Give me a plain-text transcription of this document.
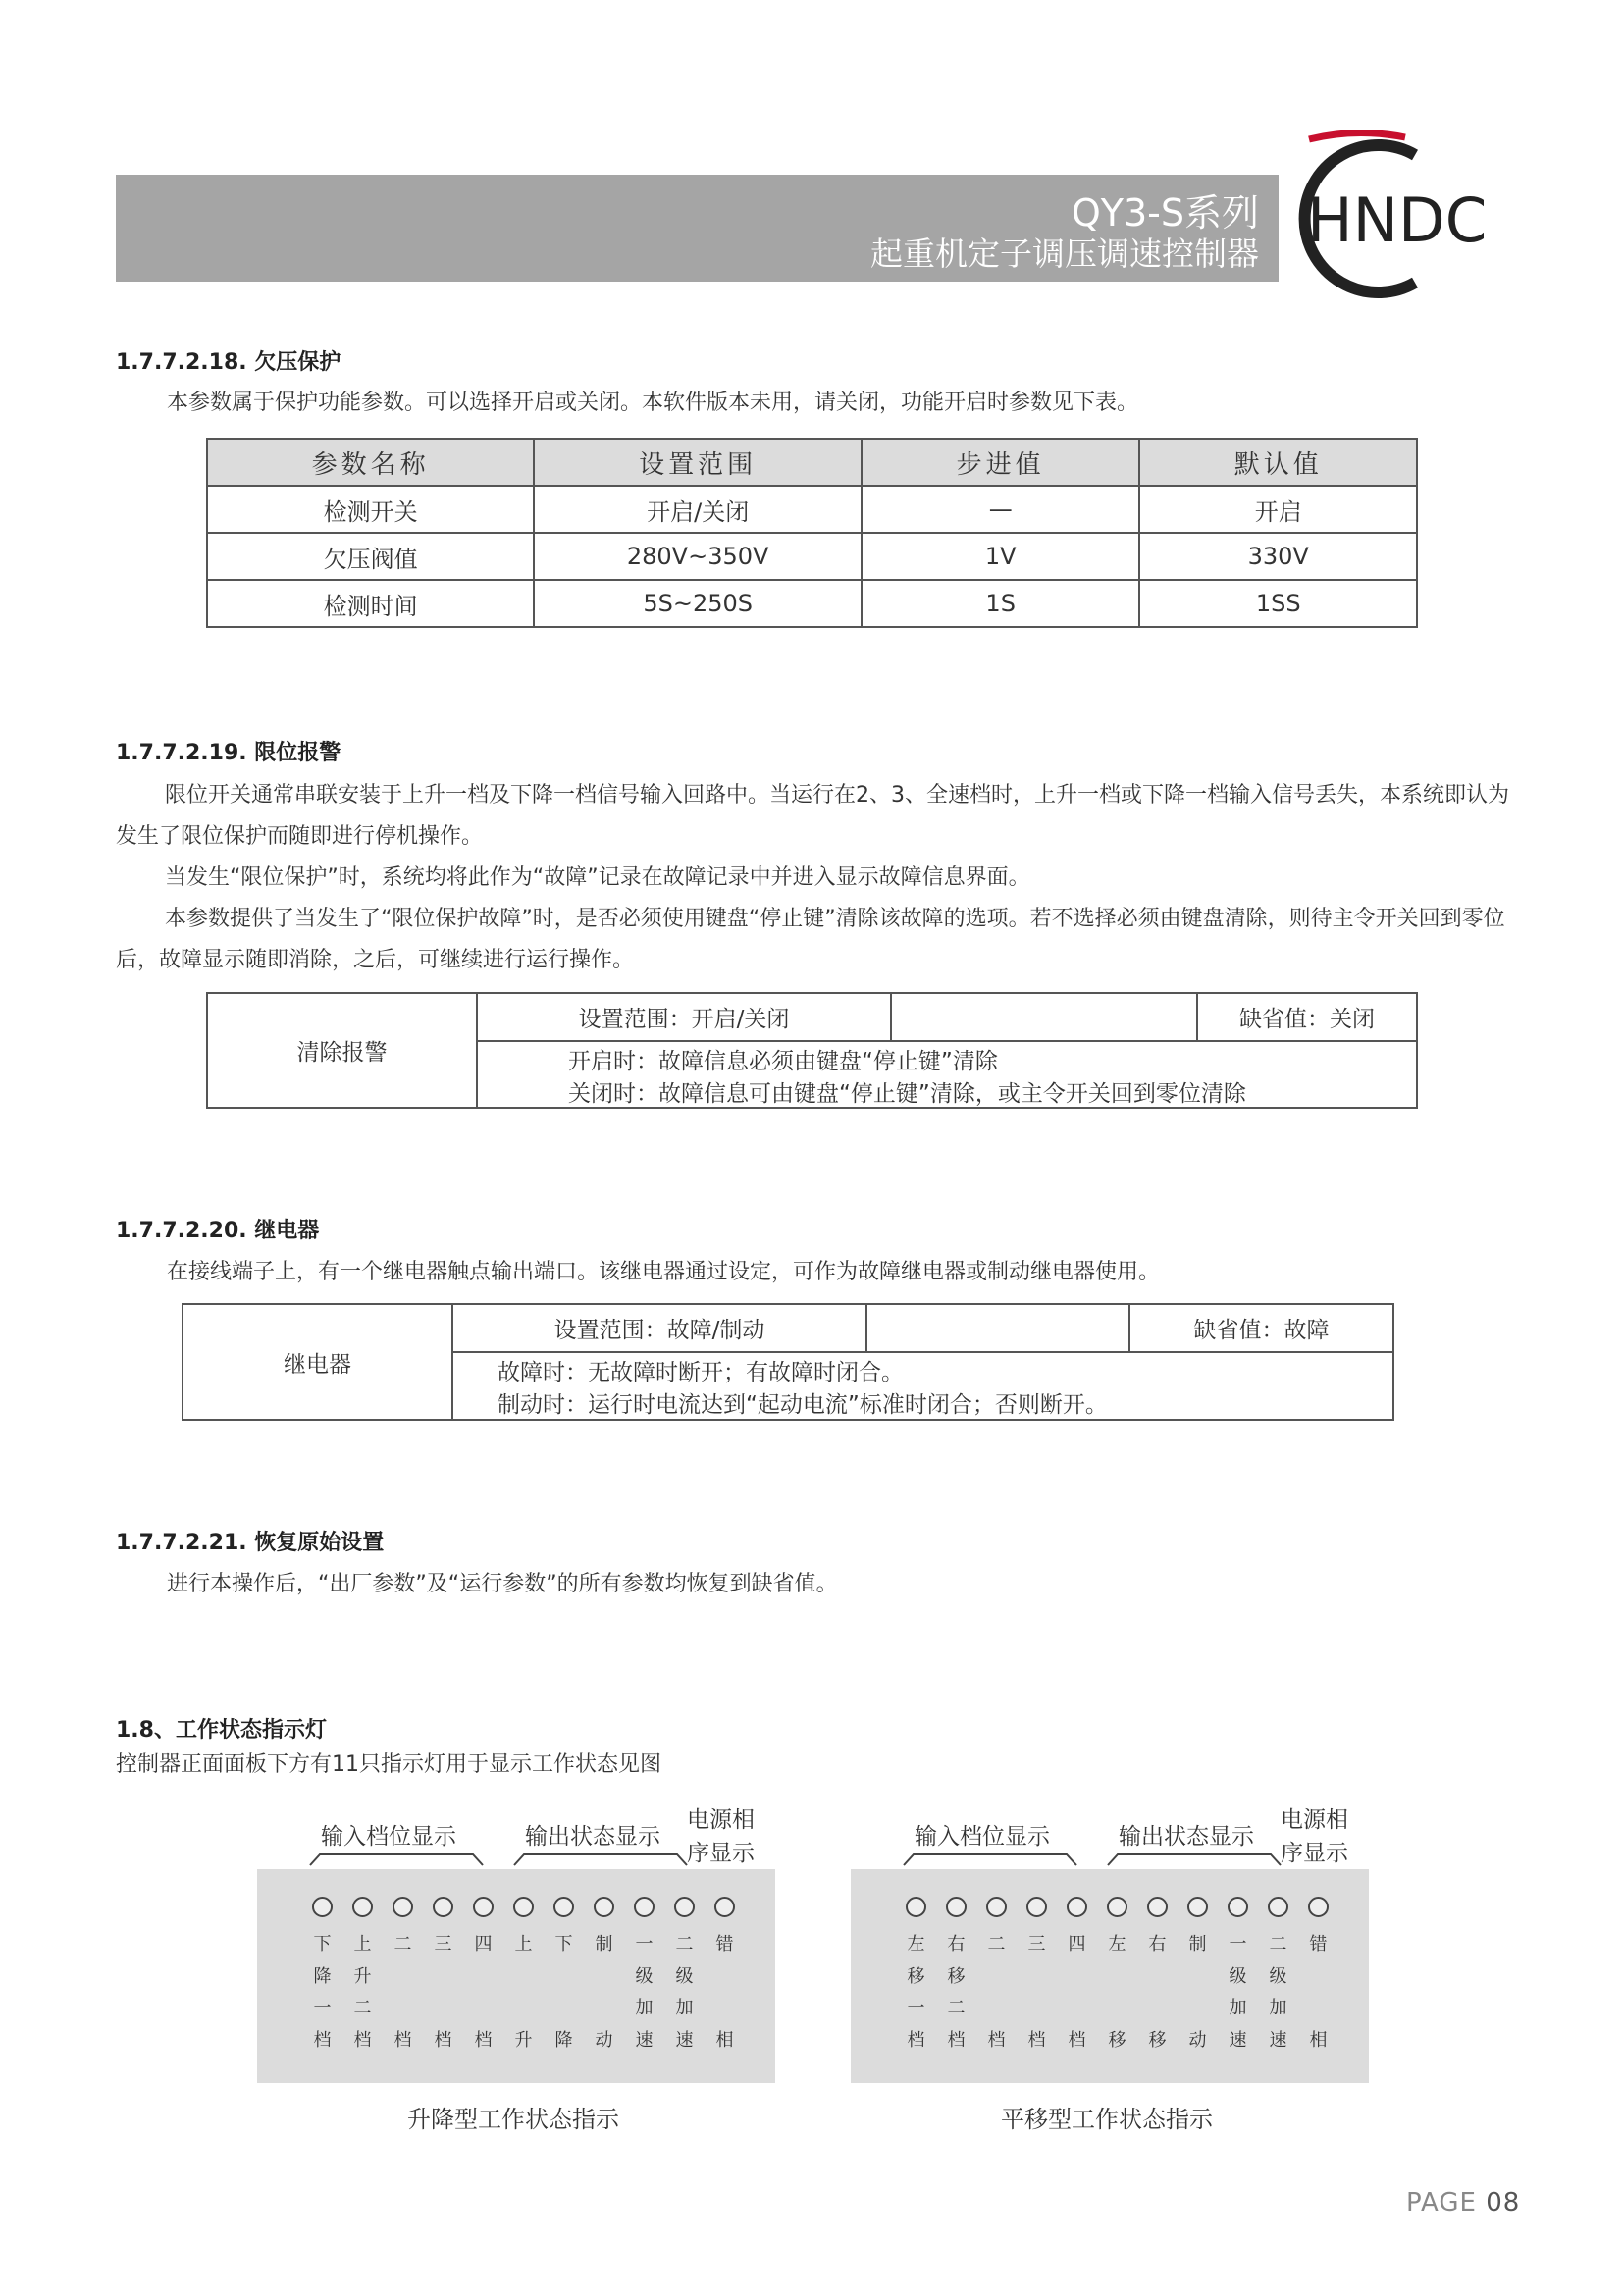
QY3-S系列
起重机定子调压调速控制器 HNDC
1.7.7.2.18. 欠压保护
本参数属于保护功能参数。可以选择开启或关闭。本软件版本未用，请关闭，功能开启时参数见下表。
参数名称	设置范围	步进值	默认值
检测开关	开启/关闭	—	开启
欠压阀值	280V~350V	1V	330V
检测时间	5S~250S	1S	1SS
1.7.7.2.19. 限位报警
限位开关通常串联安装于上升一档及下降一档信号输入回路中。当运行在2、3、全速档时，上升一档或下降一档输入信号丢失，本系统即认为发生了限位保护而随即进行停机操作。
当发生“限位保护”时，系统均将此作为“故障”记录在故障记录中并进入显示故障信息界面。
本参数提供了当发生了“限位保护故障”时，是否必须使用键盘“停止键”清除该故障的选项。若不选择必须由键盘清除，则待主令开关回到零位后，故障显示随即消除，之后，可继续进行运行操作。
清除报警
设置范围：开启/关闭	缺省值：关闭
开启时：故障信息必须由键盘“停止键”清除
关闭时：故障信息可由键盘“停止键”清除，或主令开关回到零位清除
1.7.7.2.20. 继电器
在接线端子上，有一个继电器触点输出端口。该继电器通过设定，可作为故障继电器或制动继电器使用。
继电器
设置范围：故障/制动	缺省值：故障
故障时：无故障时断开；有故障时闭合。
制动时：运行时电流达到“起动电流”标准时闭合；否则断开。
1.7.7.2.21. 恢复原始设置
进行本操作后，“出厂参数”及“运行参数”的所有参数均恢复到缺省值。
1.8、工作状态指示灯
控制器正面面板下方有11只指示灯用于显示工作状态见图
输入档位显示	输出状态显示
电源相
序显示
下
降
一
档
上
升
二
档
二
档
三
档
四
档
上
升
下
降
制
动
一
级
加
速
二
级
加
速
错
相
升降型工作状态指示
输入档位显示	输出状态显示
电源相
序显示
左
移
一
档
右
移
二
档
二
档
三
档
四
档
左
移
右
移
制
动
一
级
加
速
二
级
加
速
错
相
平移型工作状态指示
PAGE 08
